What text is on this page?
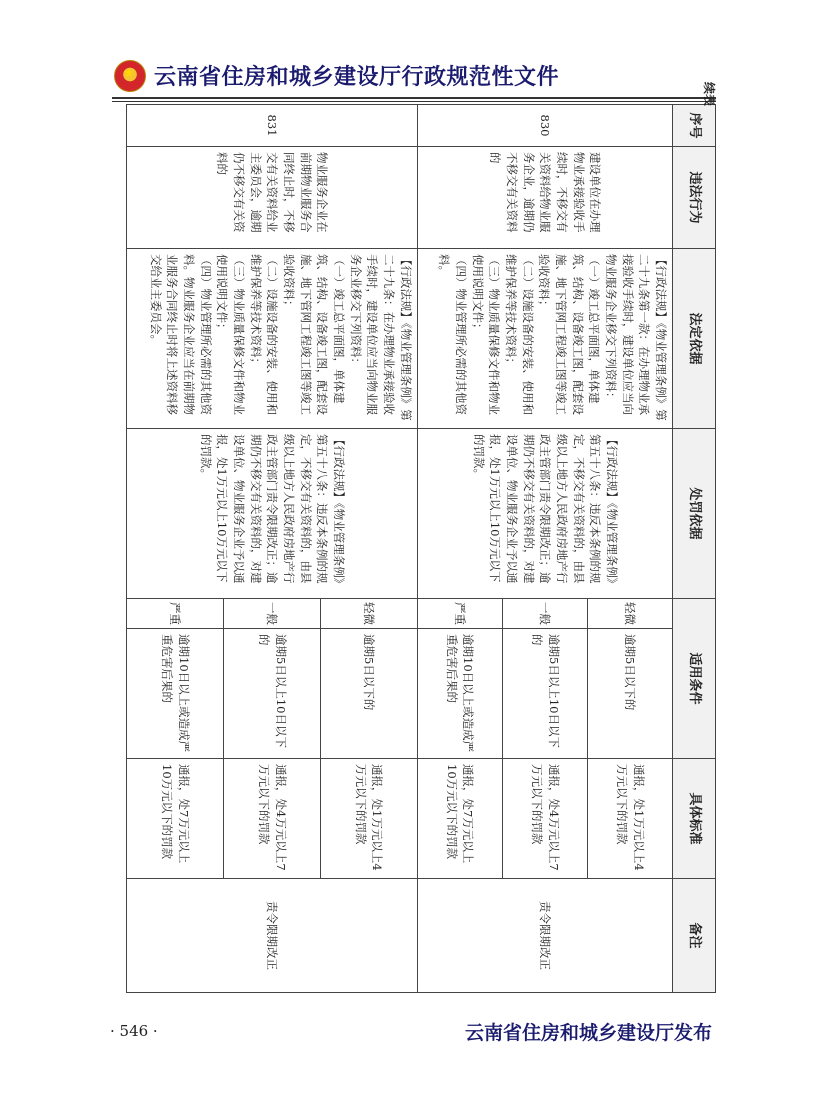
★
云南省住房和城乡建设厅行政规范性文件
续表
序号	违法行为	法定依据	处罚依据	适用条件		具体标准	备注
830	建设单位在办理物业承接验收手续时，不移交有关资料给物业服务企业，逾期仍不移交有关资料的	【行政法规】《物业管理条例》第二十九条第一款：在办理物业承接验收手续时，建设单位应当向物业服务企业移交下列资料：
（一）竣工总平面图，单体建筑、结构、设备竣工图，配套设施、地下管网工程竣工图等竣工验收资料；
（二）设施设备的安装、使用和维护保养等技术资料；
（三）物业质量保修文件和物业使用说明文件；
（四）物业管理所必需的其他资料。	【行政法规】《物业管理条例》第五十八条：违反本条例的规定，不移交有关资料的，由县级以上地方人民政府房地产行政主管部门责令限期改正；逾期仍不移交有关资料的，对建设单位、物业服务企业予以通报，处1万元以上10万元以下的罚款。	轻微	逾期5日以下的	通报，处1万元以上4万元以下的罚款	责令限期改正
				一般	逾期5日以上10日以下的	通报，处4万元以上7万元以下的罚款	
				严重	逾期10日以上或造成严重危害后果的	通报，处7万元以上10万元以下的罚款	
831	物业服务企业在前期物业服务合同终止时，不移交有关资料给业主委员会，逾期仍不移交有关资料的	【行政法规】《物业管理条例》第二十九条：在办理物业承接验收手续时，建设单位应当向物业服务企业移交下列资料：
（一）竣工总平面图，单体建筑、结构、设备竣工图，配套设施、地下管网工程竣工图等竣工验收资料；
（二）设施设备的安装、使用和维护保养等技术资料；
（三）物业质量保修文件和物业使用说明文件；
（四）物业管理所必需的其他资料。物业服务企业应当在前期物业服务合同终止时将上述资料移交给业主委员会。	【行政法规】《物业管理条例》第五十八条：违反本条例的规定，不移交有关资料的，由县级以上地方人民政府房地产行政主管部门责令限期改正；逾期仍不移交有关资料的，对建设单位、物业服务企业予以通报，处1万元以上10万元以下的罚款。	轻微	逾期5日以下的	通报，处1万元以上4万元以下的罚款	责令限期改正
				一般	逾期5日以上10日以下的	通报，处4万元以上7万元以下的罚款	
				严重	逾期10日以上或造成严重危害后果的	通报，处7万元以上10万元以下的罚款	
· 546 ·	云南省住房和城乡建设厅发布
